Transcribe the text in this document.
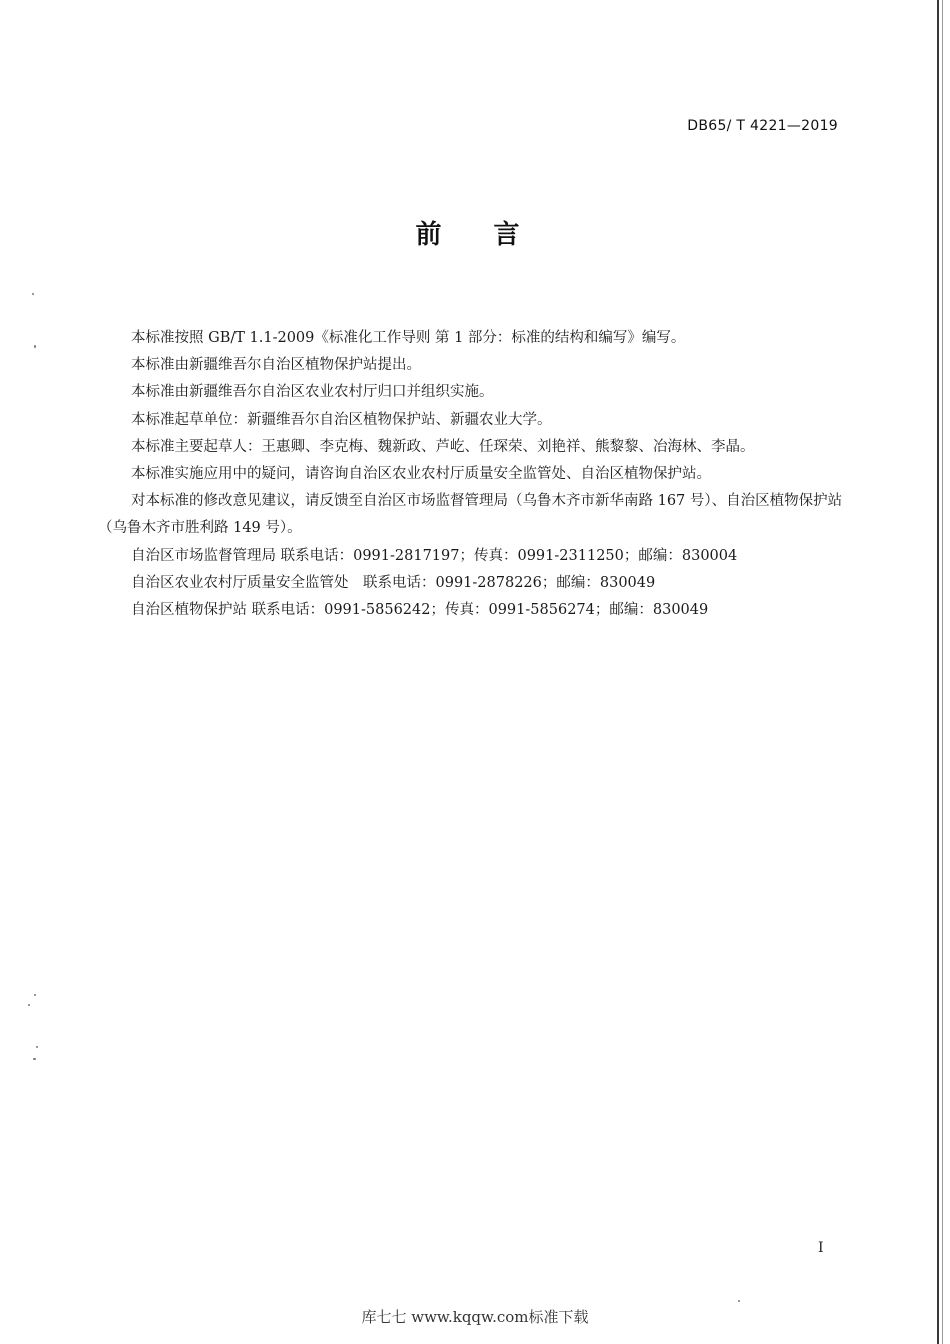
DB65/ T 4221—2019
前言

本标准按照 GB/T 1.1-2009《标准化工作导则 第 1 部分：标准的结构和编写》编写。

本标准由新疆维吾尔自治区植物保护站提出。

本标准由新疆维吾尔自治区农业农村厅归口并组织实施。

本标准起草单位：新疆维吾尔自治区植物保护站、新疆农业大学。

本标准主要起草人：王惠卿、李克梅、魏新政、芦屹、任琛荣、刘艳祥、熊黎黎、冶海林、李晶。

本标准实施应用中的疑问，请咨询自治区农业农村厅质量安全监管处、自治区植物保护站。

对本标准的修改意见建议，请反馈至自治区市场监督管理局（乌鲁木齐市新华南路 167 号）、自治区植物保护站（乌鲁木齐市胜利路 149 号）。

自治区市场监督管理局 联系电话：0991-2817197；传真：0991-2311250；邮编：830004

自治区农业农村厅质量安全监管处　联系电话：0991-2878226；邮编：830049

自治区植物保护站 联系电话：0991-5856242；传真：0991-5856274；邮编：830049

I
库七七 www.kqqw.com标准下载
